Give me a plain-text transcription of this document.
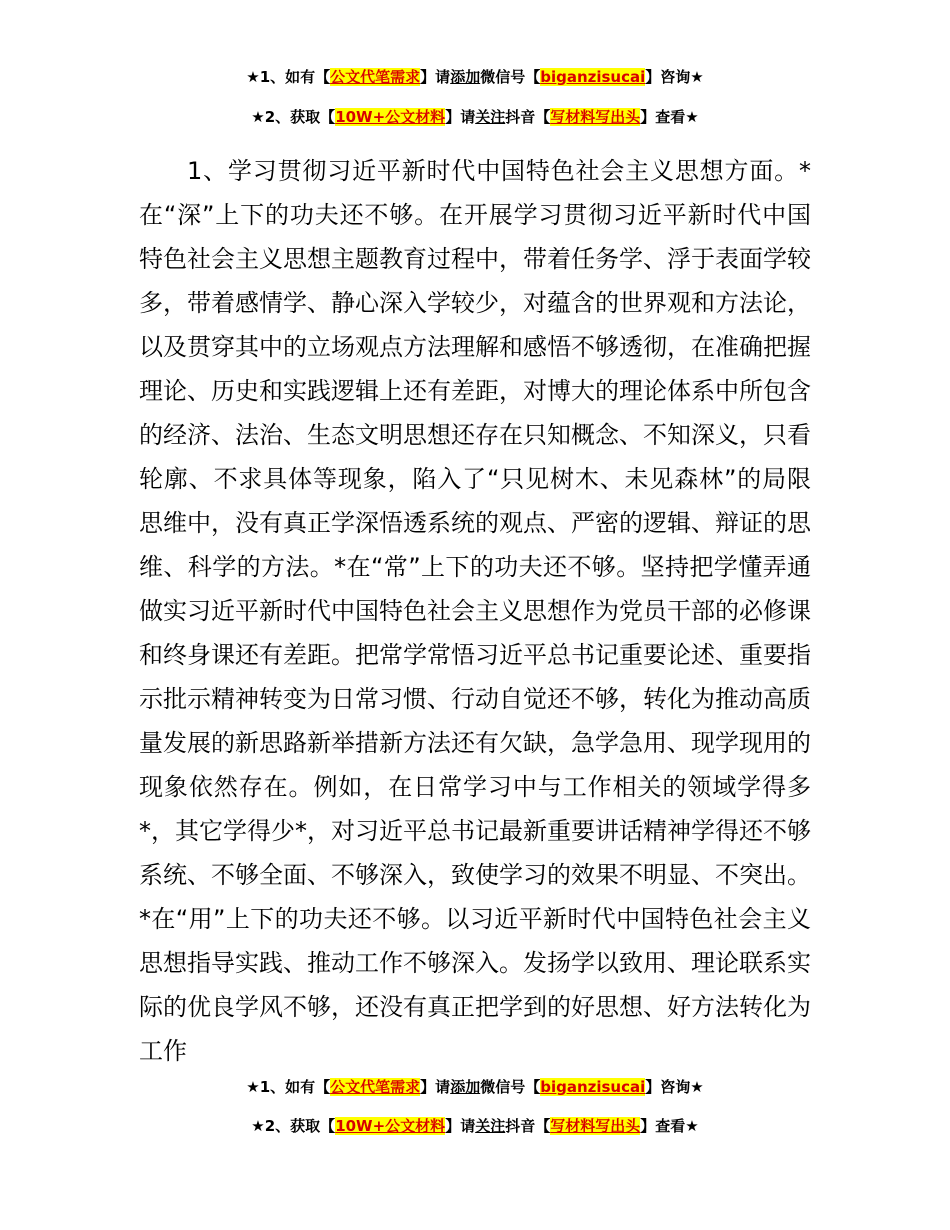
★1、如有【公文代笔需求】请添加微信号【biganzisucai】咨询★
★2、获取【10W+公文材料】请关注抖音【写材料写出头】查看★

1、学习贯彻习近平新时代中国特色社会主义思想方面。*在“深”上下的功夫还不够。在开展学习贯彻习近平新时代中国特色社会主义思想主题教育过程中，带着任务学、浮于表面学较多，带着感情学、静心深入学较少，对蕴含的世界观和方法论，以及贯穿其中的立场观点方法理解和感悟不够透彻，在准确把握理论、历史和实践逻辑上还有差距，对博大的理论体系中所包含的经济、法治、生态文明思想还存在只知概念、不知深义，只看轮廓、不求具体等现象，陷入了“只见树木、未见森林”的局限思维中，没有真正学深悟透系统的观点、严密的逻辑、辩证的思维、科学的方法。*在“常”上下的功夫还不够。坚持把学懂弄通做实习近平新时代中国特色社会主义思想作为党员干部的必修课和终身课还有差距。把常学常悟习近平总书记重要论述、重要指示批示精神转变为日常习惯、行动自觉还不够，转化为推动高质量发展的新思路新举措新方法还有欠缺，急学急用、现学现用的现象依然存在。例如，在日常学习中与工作相关的领域学得多*，其它学得少*，对习近平总书记最新重要讲话精神学得还不够系统、不够全面、不够深入，致使学习的效果不明显、不突出。*在“用”上下的功夫还不够。以习近平新时代中国特色社会主义思想指导实践、推动工作不够深入。发扬学以致用、理论联系实际的优良学风不够，还没有真正把学到的好思想、好方法转化为工作

★1、如有【公文代笔需求】请添加微信号【biganzisucai】咨询★
★2、获取【10W+公文材料】请关注抖音【写材料写出头】查看★
